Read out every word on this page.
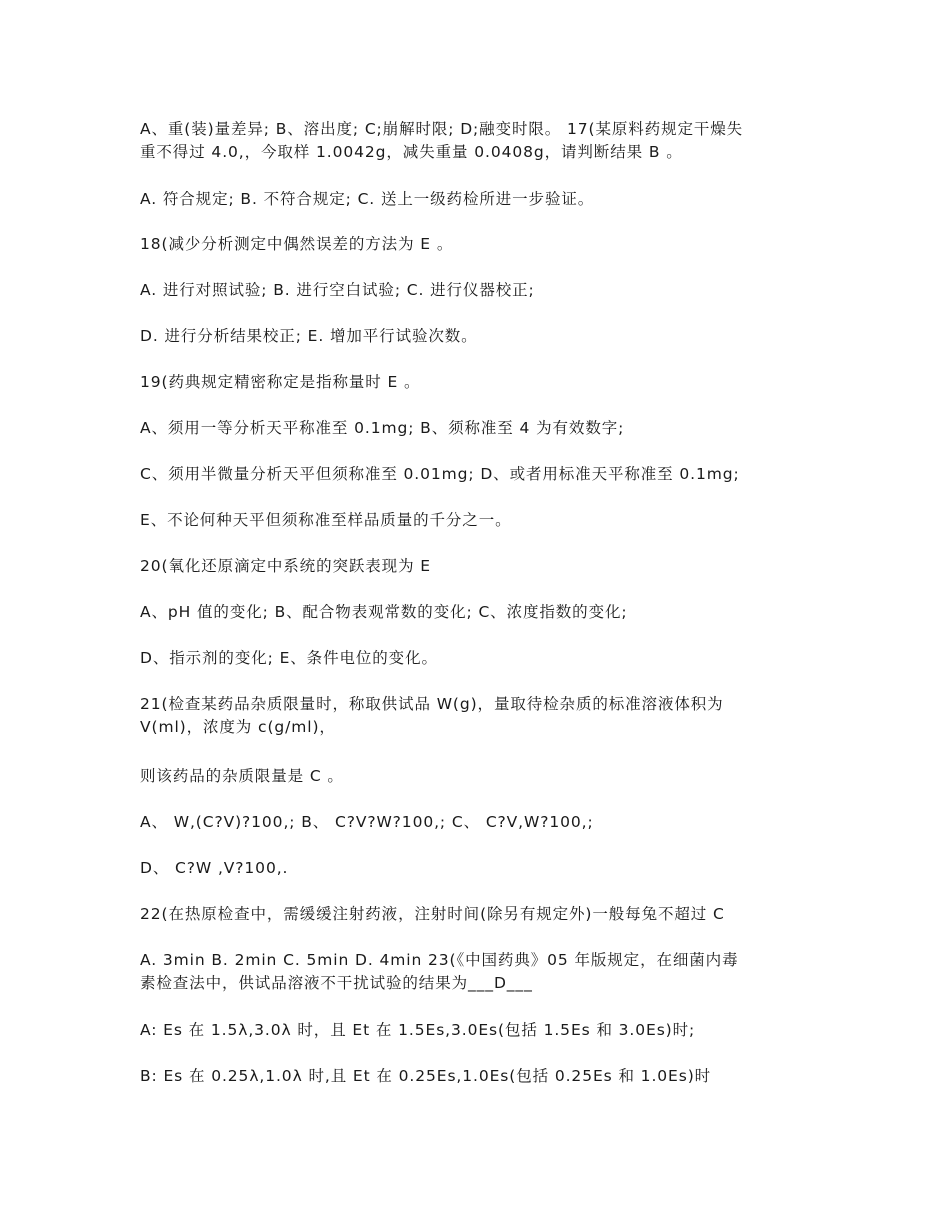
A、重(装)量差异; B、溶出度; C;崩解时限; D;融变时限。 17(某原料药规定干燥失
重不得过 4.0,，今取样 1.0042g，减失重量 0.0408g，请判断结果 B 。

A. 符合规定; B. 不符合规定; C. 送上一级药检所进一步验证。

18(减少分析测定中偶然误差的方法为 E 。

A. 进行对照试验; B. 进行空白试验; C. 进行仪器校正;

D. 进行分析结果校正; E. 增加平行试验次数。

19(药典规定精密称定是指称量时 E 。

A、须用一等分析天平称准至 0.1mg; B、须称准至 4 为有效数字;

C、须用半微量分析天平但须称准至 0.01mg; D、或者用标准天平称准至 0.1mg;

E、不论何种天平但须称准至样品质量的千分之一。

20(氧化还原滴定中系统的突跃表现为 E

A、pH 值的变化; B、配合物表观常数的变化; C、浓度指数的变化;

D、指示剂的变化; E、条件电位的变化。

21(检查某药品杂质限量时，称取供试品 W(g)，量取待检杂质的标准溶液体积为
V(ml)，浓度为 c(g/ml)，

则该药品的杂质限量是 C 。

A、 W,(C?V)?100,; B、 C?V?W?100,; C、 C?V,W?100,;

D、 C?W ,V?100,.

22(在热原检查中，需缓缓注射药液，注射时间(除另有规定外)一般每兔不超过 C

A. 3min B. 2min C. 5min D. 4min 23(《中国药典》05 年版规定，在细菌内毒
素检查法中，供试品溶液不干扰试验的结果为___D___

A: Es 在 1.5λ,3.0λ 时，且 Et 在 1.5Es,3.0Es(包括 1.5Es 和 3.0Es)时;

B: Es 在 0.25λ,1.0λ 时,且 Et 在 0.25Es,1.0Es(包括 0.25Es 和 1.0Es)时
